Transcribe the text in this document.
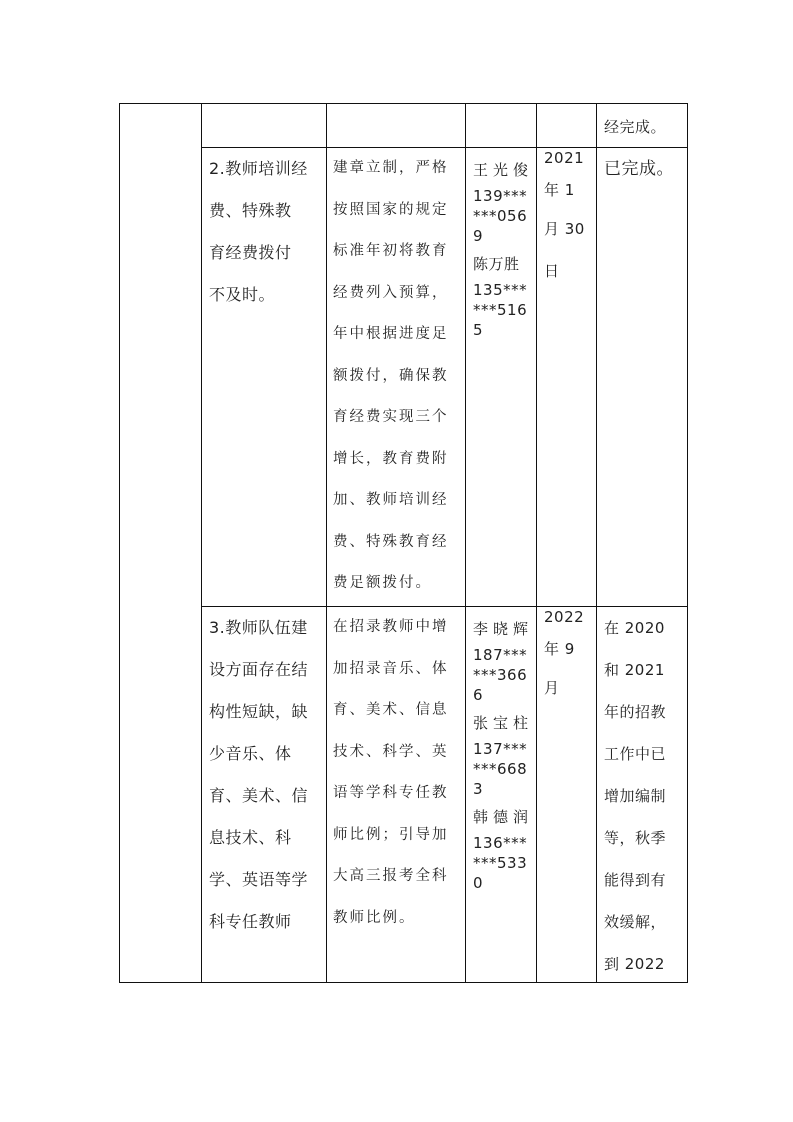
经完成。
2.教师培训经
费、特殊教
育经费拨付
不及时。
建章立制，严格
按照国家的规定
标准年初将教育
经费列入预算，
年中根据进度足
额拨付，确保教
育经费实现三个
增长，教育费附
加、教师培训经
费、特殊教育经
费足额拨付。
王光俊
139***
***056
9
陈万胜
135***
***516
5
2021
年 1
月 30
日
已完成。
3.教师队伍建
设方面存在结
构性短缺，缺
少音乐、体
育、美术、信
息技术、科
学、英语等学
科专任教师
在招录教师中增
加招录音乐、体
育、美术、信息
技术、科学、英
语等学科专任教
师比例；引导加
大高三报考全科
教师比例。
李晓辉
187***
***366
6
张宝柱
137***
***668
3
韩德润
136***
***533
0
2022
年 9
月
在 2020
和 2021
年的招教
工作中已
增加编制
等，秋季
能得到有
效缓解，
到 2022
